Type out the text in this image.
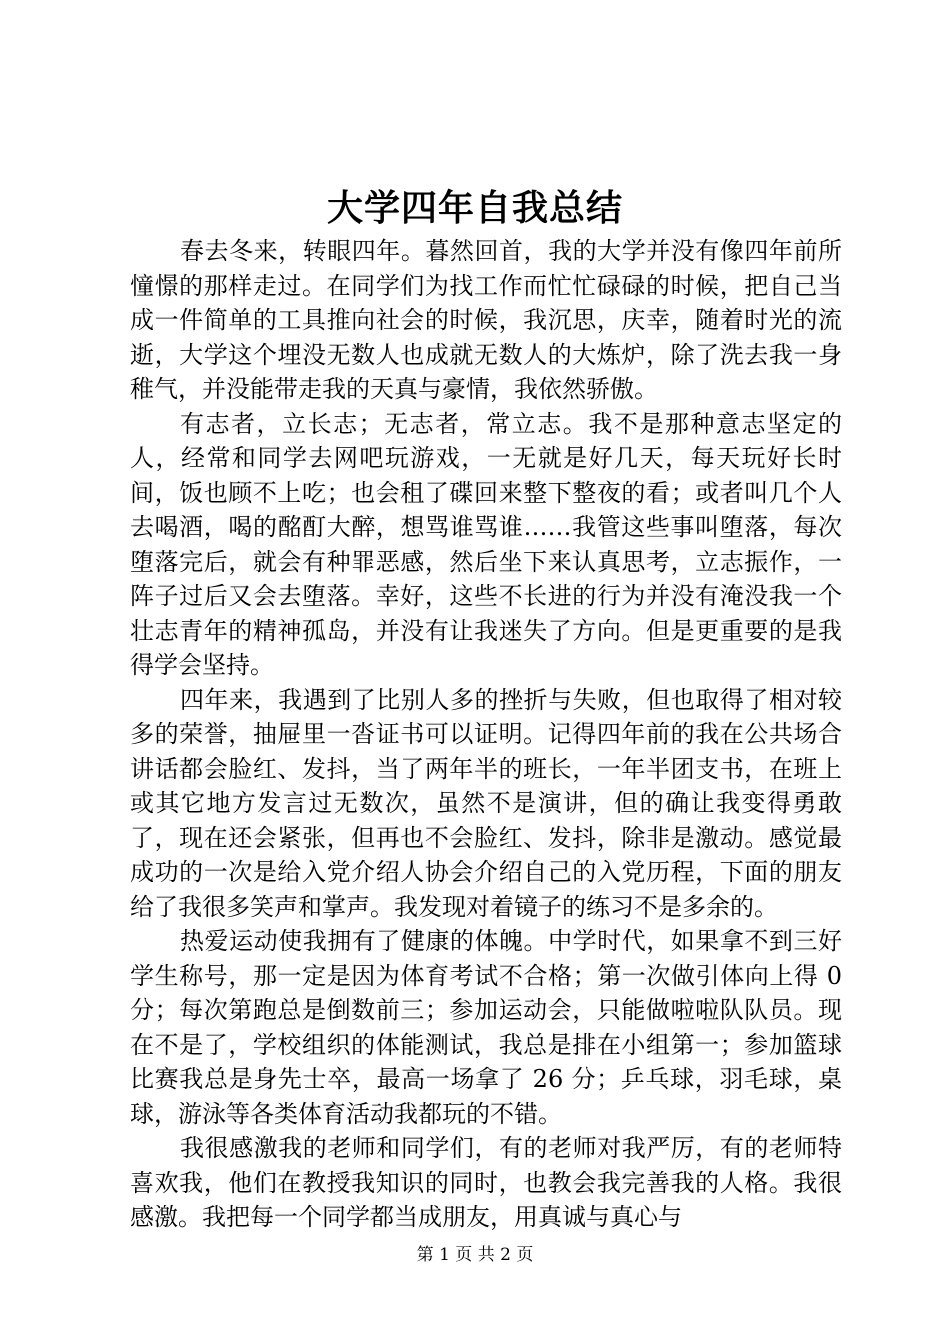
大学四年自我总结

春去冬来，转眼四年。暮然回首，我的大学并没有像四年前所憧憬的那样走过。在同学们为找工作而忙忙碌碌的时候，把自己当成一件简单的工具推向社会的时候，我沉思，庆幸，随着时光的流逝，大学这个埋没无数人也成就无数人的大炼炉，除了洗去我一身稚气，并没能带走我的天真与豪情，我依然骄傲。

有志者，立长志；无志者，常立志。我不是那种意志坚定的人，经常和同学去网吧玩游戏，一无就是好几天，每天玩好长时间，饭也顾不上吃；也会租了碟回来整下整夜的看；或者叫几个人去喝酒，喝的酩酊大醉，想骂谁骂谁……我管这些事叫堕落，每次堕落完后，就会有种罪恶感，然后坐下来认真思考，立志振作，一阵子过后又会去堕落。幸好，这些不长进的行为并没有淹没我一个壮志青年的精神孤岛，并没有让我迷失了方向。但是更重要的是我得学会坚持。

四年来，我遇到了比别人多的挫折与失败，但也取得了相对较多的荣誉，抽屉里一沓证书可以证明。记得四年前的我在公共场合讲话都会脸红、发抖，当了两年半的班长，一年半团支书，在班上或其它地方发言过无数次，虽然不是演讲，但的确让我变得勇敢了，现在还会紧张，但再也不会脸红、发抖，除非是激动。感觉最成功的一次是给入党介绍人协会介绍自己的入党历程，下面的朋友给了我很多笑声和掌声。我发现对着镜子的练习不是多余的。

热爱运动使我拥有了健康的体魄。中学时代，如果拿不到三好学生称号，那一定是因为体育考试不合格；第一次做引体向上得 0 分；每次第跑总是倒数前三；参加运动会，只能做啦啦队队员。现在不是了，学校组织的体能测试，我总是排在小组第一；参加篮球比赛我总是身先士卒，最高一场拿了 26 分；乒乓球，羽毛球，桌球，游泳等各类体育活动我都玩的不错。

我很感激我的老师和同学们，有的老师对我严厉，有的老师特喜欢我，他们在教授我知识的同时，也教会我完善我的人格。我很感激。我把每一个同学都当成朋友，用真诚与真心与

第 1 页 共 2 页
